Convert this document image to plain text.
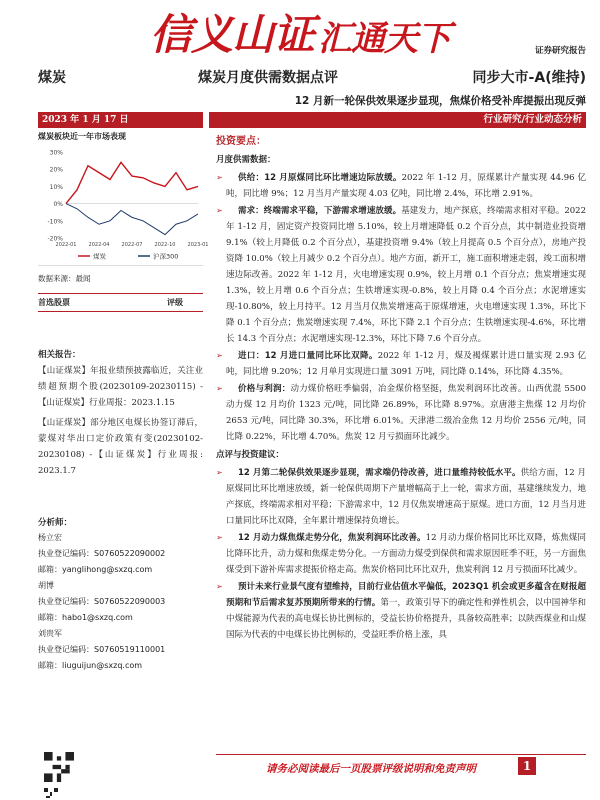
信义山证 汇通天下	证券研究报告
煤炭	煤炭月度供需数据点评	同步大市-A(维持)
12 月新一轮保供效果逐步显现，焦煤价格受补库提振出现反弹
2023 年 1 月 17 日	行业研究/行业动态分析
煤炭板块近一年市场表现
30%
20%
10%
0%
-10%
-20%
2022-01 2022-04 2022-07 2022-10 2023-01
煤炭	沪深300
数据来源：最闻
首选股票	评级
相关报告：

【山证煤炭】年报业绩预披露临近，关注业绩超预期个股(20230109-20230115) -【山证煤炭】行业周报：2023.1.15

【山证煤炭】部分地区电煤长协签订滞后，蒙煤对华出口定价政策有变(20230102-20230108) -【山证煤炭】行业周报: 2023.1.7

分析师：
杨立宏
执业登记编码：S0760522090002
邮箱：yanglihong@sxzq.com
胡博
执业登记编码：S0760522090003
邮箱：habo1@sxzq.com
刘贵军
执业登记编码：S0760519110001
邮箱：liuguijun@sxzq.com
投资要点：
月度供需数据：
➢ 供给：12 月原煤同比环比增速边际放缓。2022 年 1-12 月，原煤累计产量实现 44.96 亿吨，同比增 9%；12 月当月产量实现 4.03 亿吨，同比增 2.4%，环比增 2.91%。
➢ 需求：终端需求平稳，下游需求增速放缓。基建发力，地产探底，终端需求相对平稳。2022 年 1-12 月，固定资产投资同比增 5.10%，较上月增速降低 0.2 个百分点，其中制造业投资增 9.1%（较上月降低 0.2 个百分点），基建投资增 9.4%（较上月提高 0.5 个百分点），房地产投资降 10.0%（较上月减少 0.2 个百分点）。地产方面，新开工，施工面积增速走弱，竣工面积增速边际改善。2022 年 1-12 月，火电增速实现 0.9%，较上月增 0.1 个百分点；焦炭增速实现 1.3%，较上月增 0.6 个百分点；生铁增速实现-0.8%，较上月降 0.4 个百分点；水泥增速实现-10.80%，较上月持平。12 月当月仅焦炭增速高于原煤增速，火电增速实现 1.3%，环比下降 0.1 个百分点；焦炭增速实现 7.4%，环比下降 2.1 个百分点；生铁增速实现-4.6%，环比增长 14.3 个百分点；水泥增速实现-12.3%，环比下降 7.6 个百分点。
➢ 进口：12 月进口量同比环比双降。2022 年 1-12 月，煤及褐煤累计进口量实现 2.93 亿吨，同比增 9.20%；12 月单月实现进口量 3091 万吨，同比降 0.14%，环比降 4.35%。
➢ 价格与利润：动力煤价格旺季偏弱，冶金煤价格坚挺，焦炭利润环比改善。山西优混 5500 动力煤 12 月均价 1323 元/吨，同比降 26.89%，环比降 8.97%。京唐港主焦煤 12 月均价 2653 元/吨，同比降 30.3%，环比增 6.01%。天津港二级冶金焦 12 月均价 2556 元/吨，同比降 0.22%，环比增 4.70%。焦炭 12 月亏损面环比减少。
点评与投资建议：
➢ 12 月第二轮保供效果逐步显现，需求端仍待改善，进口量维持较低水平。供给方面，12 月原煤同比环比增速放缓，新一轮保供周期下产量增幅高于上一轮，需求方面，基建继续发力，地产探底，终端需求相对平稳；下游需求中，12 月仅焦炭增速高于原煤。进口方面，12 月当月进口量同比环比双降，全年累计增速保持负增长。
➢ 12 月动力煤焦煤走势分化，焦炭利润环比改善。12 月动力煤价格同比环比双降，炼焦煤同比降环比升，动力煤和焦煤走势分化。一方面动力煤受到保供和需求原因旺季不旺，另一方面焦煤受到下游补库需求提振价格走高。焦炭价格同比环比双升，焦炭利润 12 月亏损面环比减少。
➢ 预计未来行业景气度有望维持，目前行业估值水平偏低，2023Q1 机会或更多蕴含在财报超预期和节后需求复苏预期所带来的行情。第一，政策引导下的确定性和弹性机会，以中国神华和中煤能源为代表的高电煤长协比例标的，受益长协价格提升，具备较高胜率；以陕西煤业和山煤国际为代表的中电煤长协比例标的，受益旺季价格上涨，具
请务必阅读最后一页股票评级说明和免责声明	1
